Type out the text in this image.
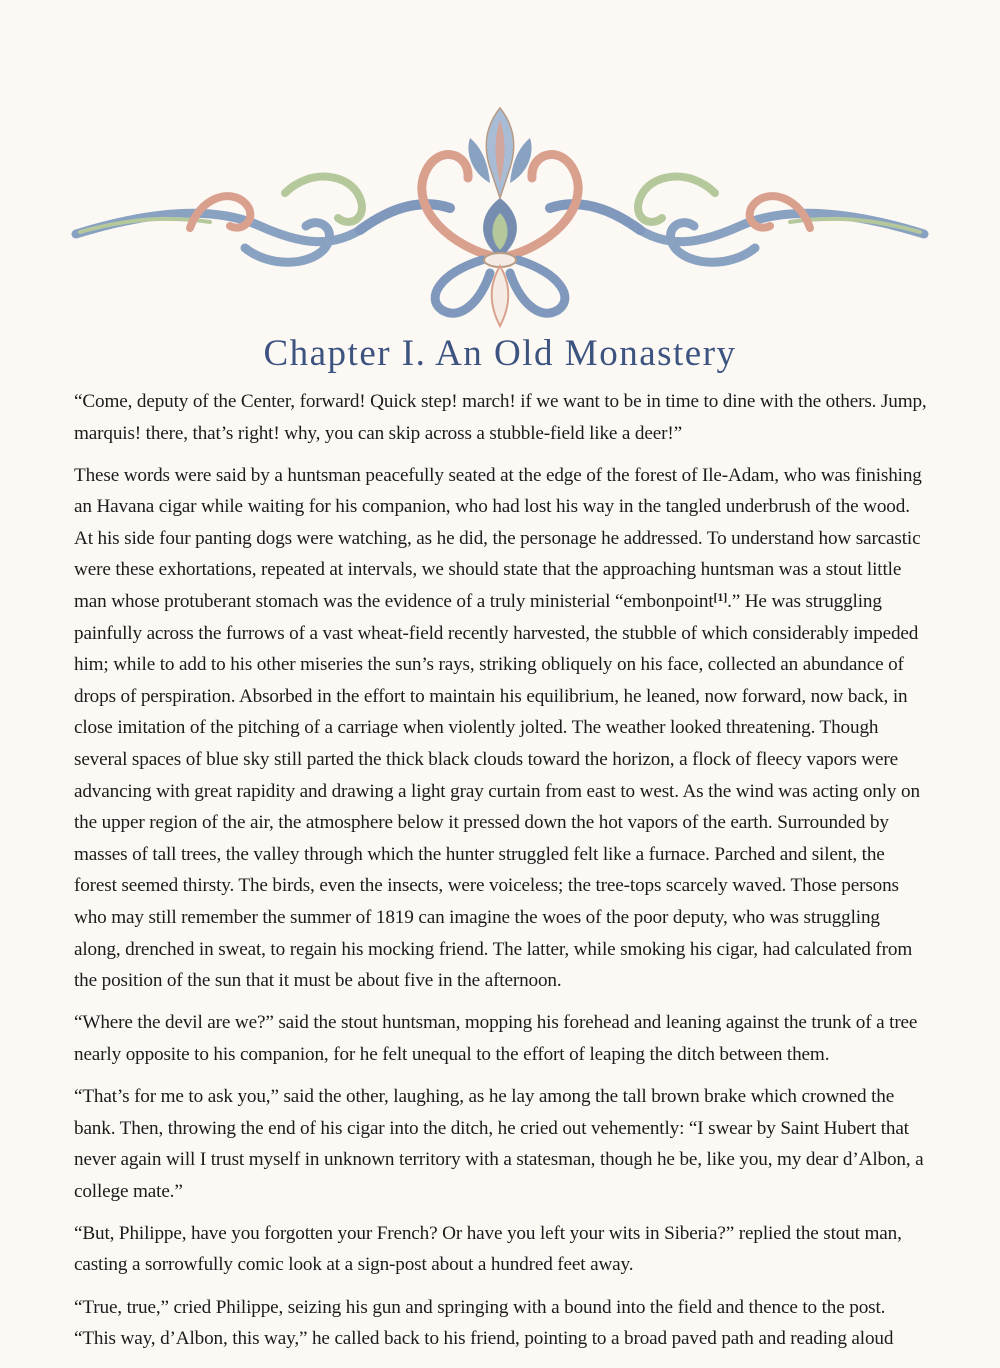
Chapter I. An Old Monastery

“Come, deputy of the Center, forward! Quick step! march! if we want to be in time to dine with the others. Jump, marquis! there, that’s right! why, you can skip across a stubble-field like a deer!”

These words were said by a huntsman peacefully seated at the edge of the forest of Ile-Adam, who was finishing an Havana cigar while waiting for his companion, who had lost his way in the tangled underbrush of the wood. At his side four panting dogs were watching, as he did, the personage he addressed. To understand how sarcastic were these exhortations, repeated at intervals, we should state that the approaching huntsman was a stout little man whose protuberant stomach was the evidence of a truly ministerial “embonpoint[1].” He was struggling painfully across the furrows of a vast wheat-field recently harvested, the stubble of which considerably impeded him; while to add to his other miseries the sun’s rays, striking obliquely on his face, collected an abundance of drops of perspiration. Absorbed in the effort to maintain his equilibrium, he leaned, now forward, now back, in close imitation of the pitching of a carriage when violently jolted. The weather looked threatening. Though several spaces of blue sky still parted the thick black clouds toward the horizon, a flock of fleecy vapors were advancing with great rapidity and drawing a light gray curtain from east to west. As the wind was acting only on the upper region of the air, the atmosphere below it pressed down the hot vapors of the earth. Surrounded by masses of tall trees, the valley through which the hunter struggled felt like a furnace. Parched and silent, the forest seemed thirsty. The birds, even the insects, were voiceless; the tree-tops scarcely waved. Those persons who may still remember the summer of 1819 can imagine the woes of the poor deputy, who was struggling along, drenched in sweat, to regain his mocking friend. The latter, while smoking his cigar, had calculated from the position of the sun that it must be about five in the afternoon.

“Where the devil are we?” said the stout huntsman, mopping his forehead and leaning against the trunk of a tree nearly opposite to his companion, for he felt unequal to the effort of leaping the ditch between them.

“That’s for me to ask you,” said the other, laughing, as he lay among the tall brown brake which crowned the bank. Then, throwing the end of his cigar into the ditch, he cried out vehemently: “I swear by Saint Hubert that never again will I trust myself in unknown territory with a statesman, though he be, like you, my dear d’Albon, a college mate.”

“But, Philippe, have you forgotten your French? Or have you left your wits in Siberia?” replied the stout man, casting a sorrowfully comic look at a sign-post about a hundred feet away.

“True, true,” cried Philippe, seizing his gun and springing with a bound into the field and thence to the post. “This way, d’Albon, this way,” he called back to his friend, pointing to a broad paved path and reading aloud
